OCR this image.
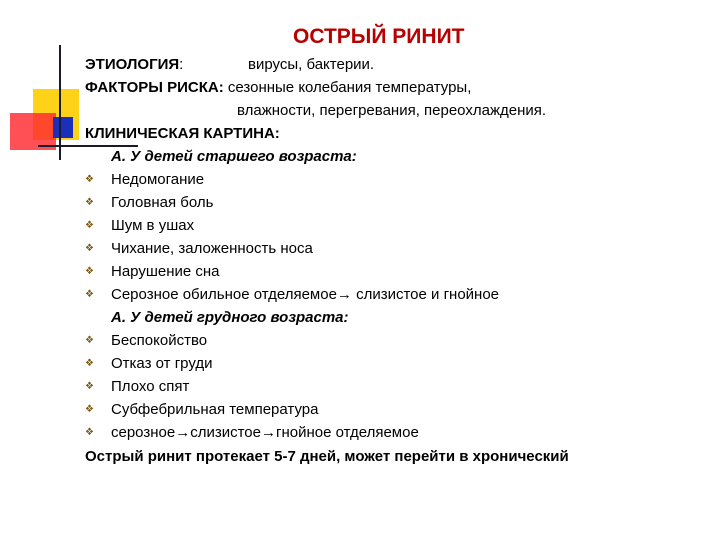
ОСТРЫЙ РИНИТ
ЭТИОЛОГИЯ:	вирусы, бактерии.
ФАКТОРЫ РИСКА: сезонные колебания температуры,
влажности, перегревания, переохлаждения.
КЛИНИЧЕСКАЯ КАРТИНА:
А. У детей старшего возраста:
❖ Недомогание
❖ Головная боль
❖ Шум в ушах
❖ Чихание, заложенность носа
❖ Нарушение сна
❖ Серозное обильное отделяемое→ слизистое и гнойное
А. У детей грудного возраста:
❖ Беспокойство
❖ Отказ от груди
❖ Плохо спят
❖ Субфебрильная температура
❖ серозное→слизистое→гнойное отделяемое
Острый ринит протекает 5-7 дней, может перейти в хронический
